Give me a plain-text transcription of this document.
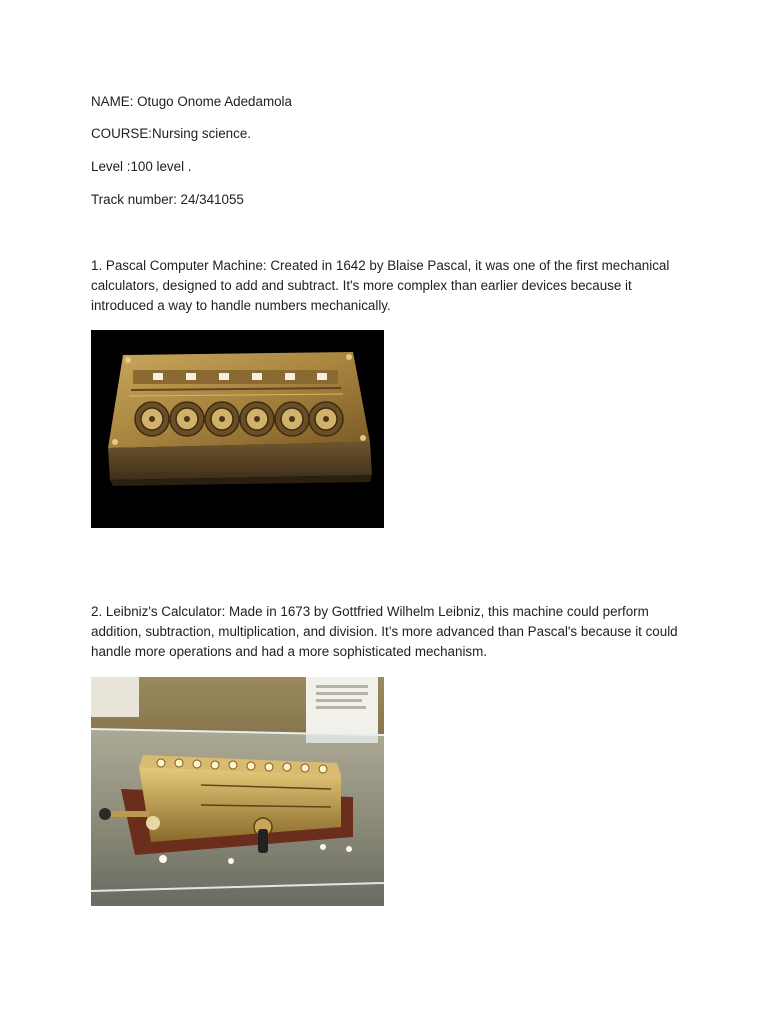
NAME: Otugo Onome Adedamola

COURSE:Nursing science.

Level :100 level .

Track number: 24/341055

1. Pascal Computer Machine: Created in 1642 by Blaise Pascal, it was one of the first mechanical calculators, designed to add and subtract. It's more complex than earlier devices because it introduced a way to handle numbers mechanically.

2. Leibniz's Calculator: Made in 1673 by Gottfried Wilhelm Leibniz, this machine could perform addition, subtraction, multiplication, and division. It’s more advanced than Pascal's because it could handle more operations and had a more sophisticated mechanism.
